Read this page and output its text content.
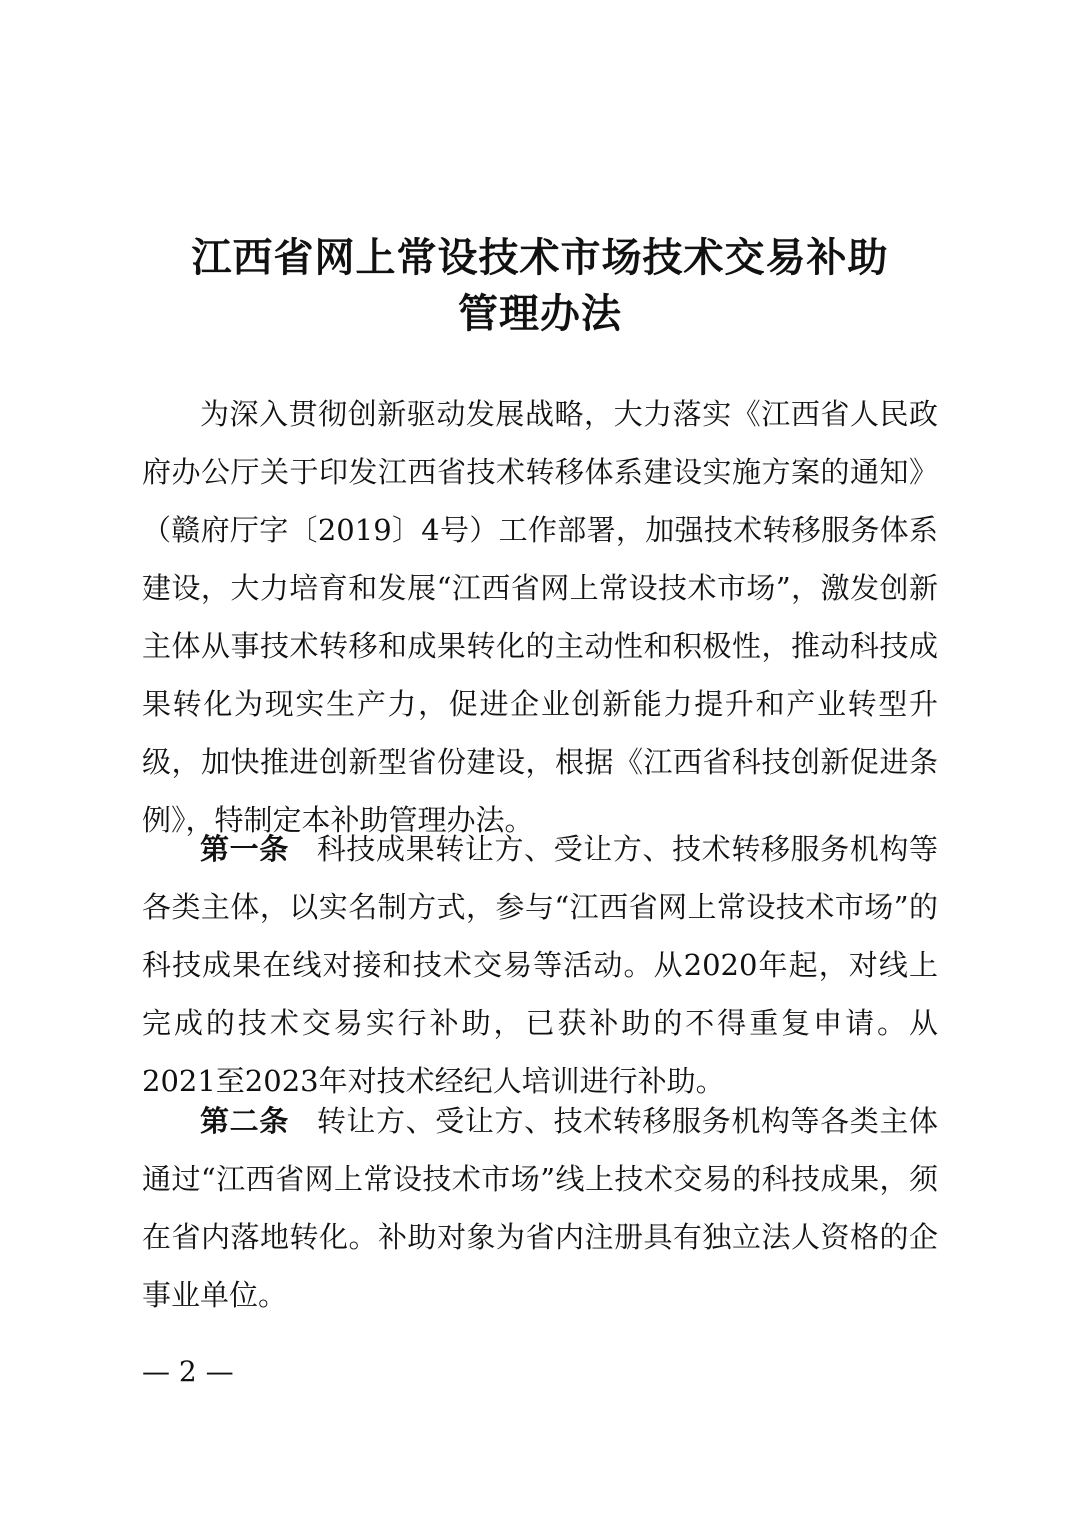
江西省网上常设技术市场技术交易补助
管理办法

为深入贯彻创新驱动发展战略，大力落实《江西省人民政府办公厅关于印发江西省技术转移体系建设实施方案的通知》（赣府厅字〔2019〕4号）工作部署，加强技术转移服务体系建设，大力培育和发展“江西省网上常设技术市场”，激发创新主体从事技术转移和成果转化的主动性和积极性，推动科技成果转化为现实生产力，促进企业创新能力提升和产业转型升级，加快推进创新型省份建设，根据《江西省科技创新促进条例》，特制定本补助管理办法。

第一条 科技成果转让方、受让方、技术转移服务机构等各类主体，以实名制方式，参与“江西省网上常设技术市场”的科技成果在线对接和技术交易等活动。从2020年起，对线上完成的技术交易实行补助，已获补助的不得重复申请。从2021至2023年对技术经纪人培训进行补助。

第二条 转让方、受让方、技术转移服务机构等各类主体通过“江西省网上常设技术市场”线上技术交易的科技成果，须在省内落地转化。补助对象为省内注册具有独立法人资格的企事业单位。

— 2 —
